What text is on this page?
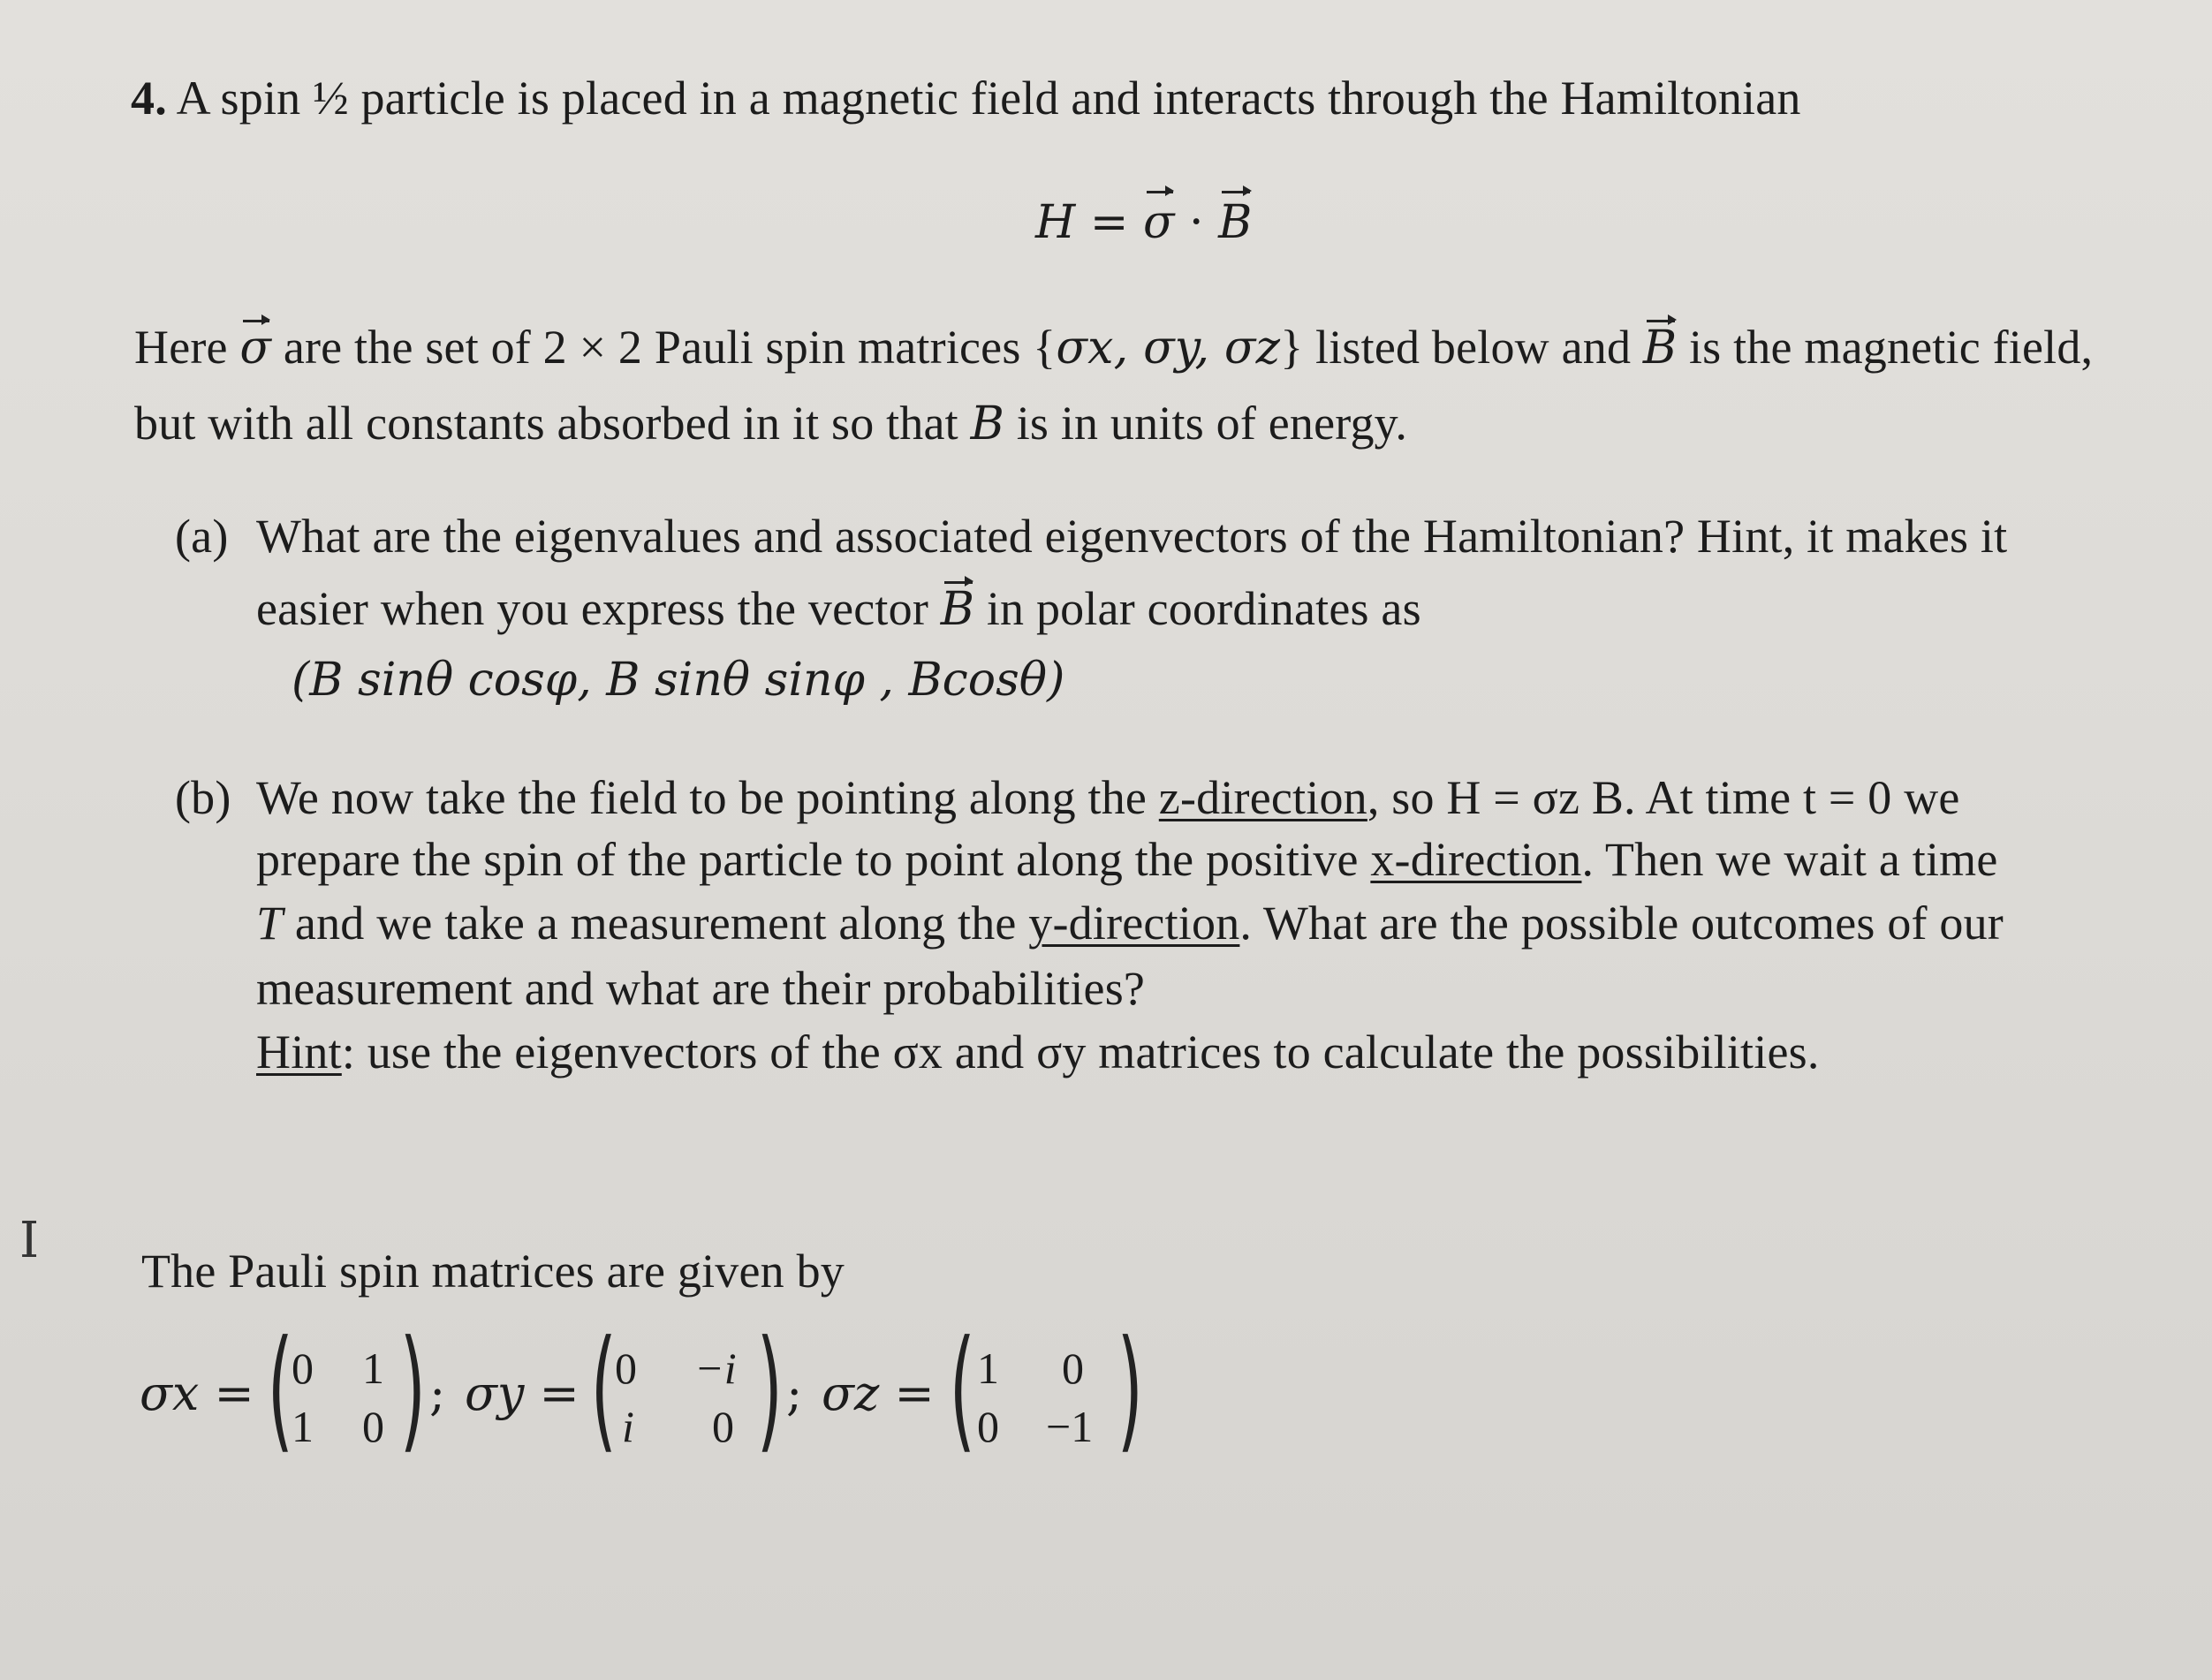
4. A spin ½ particle is placed in a magnetic field and interacts through the Hamiltonian
H = σ · B
Here σ are the set of 2 × 2 Pauli spin matrices {σx, σy, σz} listed below and B is the magnetic field,
but with all constants absorbed in it so that B is in units of energy.
(a) What are the eigenvalues and associated eigenvectors of the Hamiltonian? Hint, it makes it
easier when you express the vector B in polar coordinates as
(B sinθ cosφ, B sinθ sinφ , Bcosθ)
(b) We now take the field to be pointing along the z-direction, so H = σz B. At time t = 0 we
prepare the spin of the particle to point along the positive x-direction. Then we wait a time
T and we take a measurement along the y-direction. What are the possible outcomes of our
measurement and what are their probabilities?
Hint: use the eigenvectors of the σx and σy matrices to calculate the possibilities.
I
The Pauli spin matrices are given by
σx = (
0 1
1 0 ) ; σy = (
0 −i
i 0 ) ; σz = ( 1 0
0 −1 )
